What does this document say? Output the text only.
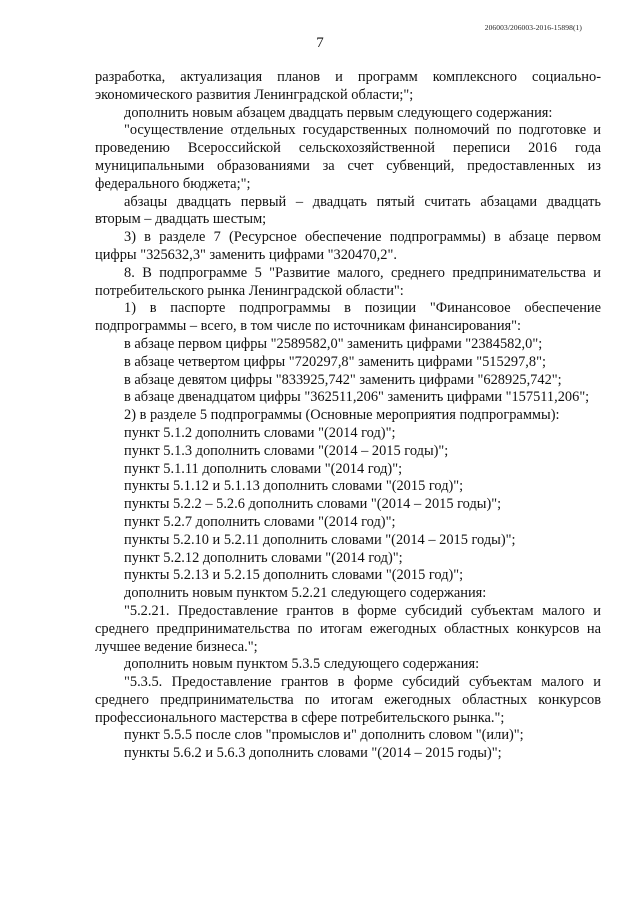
206003/206003-2016-15898(1)
7

разработка, актуализация планов и программ комплексного социально-экономического развития Ленинградской области;";

дополнить новым абзацем двадцать первым следующего содержания:

"осуществление отдельных государственных полномочий по подготовке и проведению Всероссийской сельскохозяйственной переписи 2016 года муниципальными образованиями за счет субвенций, предоставленных из федерального бюджета;";

абзацы двадцать первый – двадцать пятый считать абзацами двадцать вторым – двадцать шестым;

3) в разделе 7 (Ресурсное обеспечение подпрограммы) в абзаце первом цифры "325632,3" заменить цифрами "320470,2".

8. В подпрограмме 5 "Развитие малого, среднего предпринимательства и потребительского рынка Ленинградской области":

1) в паспорте подпрограммы в позиции "Финансовое обеспечение подпрограммы – всего, в том числе по источникам финансирования":

в абзаце первом цифры "2589582,0" заменить цифрами "2384582,0";

в абзаце четвертом цифры "720297,8" заменить цифрами "515297,8";

в абзаце девятом цифры "833925,742" заменить цифрами "628925,742";

в абзаце двенадцатом цифры "362511,206" заменить цифрами "157511,206";

2) в разделе 5 подпрограммы (Основные мероприятия подпрограммы):

пункт 5.1.2 дополнить словами "(2014 год)";

пункт 5.1.3 дополнить словами "(2014 – 2015 годы)";

пункт 5.1.11 дополнить словами "(2014 год)";

пункты 5.1.12 и 5.1.13 дополнить словами "(2015 год)";

пункты 5.2.2 – 5.2.6 дополнить словами "(2014 – 2015 годы)";

пункт 5.2.7 дополнить словами "(2014 год)";

пункты 5.2.10 и 5.2.11 дополнить словами "(2014 – 2015 годы)";

пункт 5.2.12 дополнить словами "(2014 год)";

пункты 5.2.13 и 5.2.15 дополнить словами "(2015 год)";

дополнить новым пунктом 5.2.21 следующего содержания:

"5.2.21. Предоставление грантов в форме субсидий субъектам малого и среднего предпринимательства по итогам ежегодных областных конкурсов на лучшее ведение бизнеса.";

дополнить новым пунктом 5.3.5 следующего содержания:

"5.3.5. Предоставление грантов в форме субсидий субъектам малого и среднего предпринимательства по итогам ежегодных областных конкурсов профессионального мастерства в сфере потребительского рынка.";

пункт 5.5.5 после слов "промыслов и" дополнить словом "(или)";

пункты 5.6.2 и 5.6.3 дополнить словами "(2014 – 2015 годы)";
